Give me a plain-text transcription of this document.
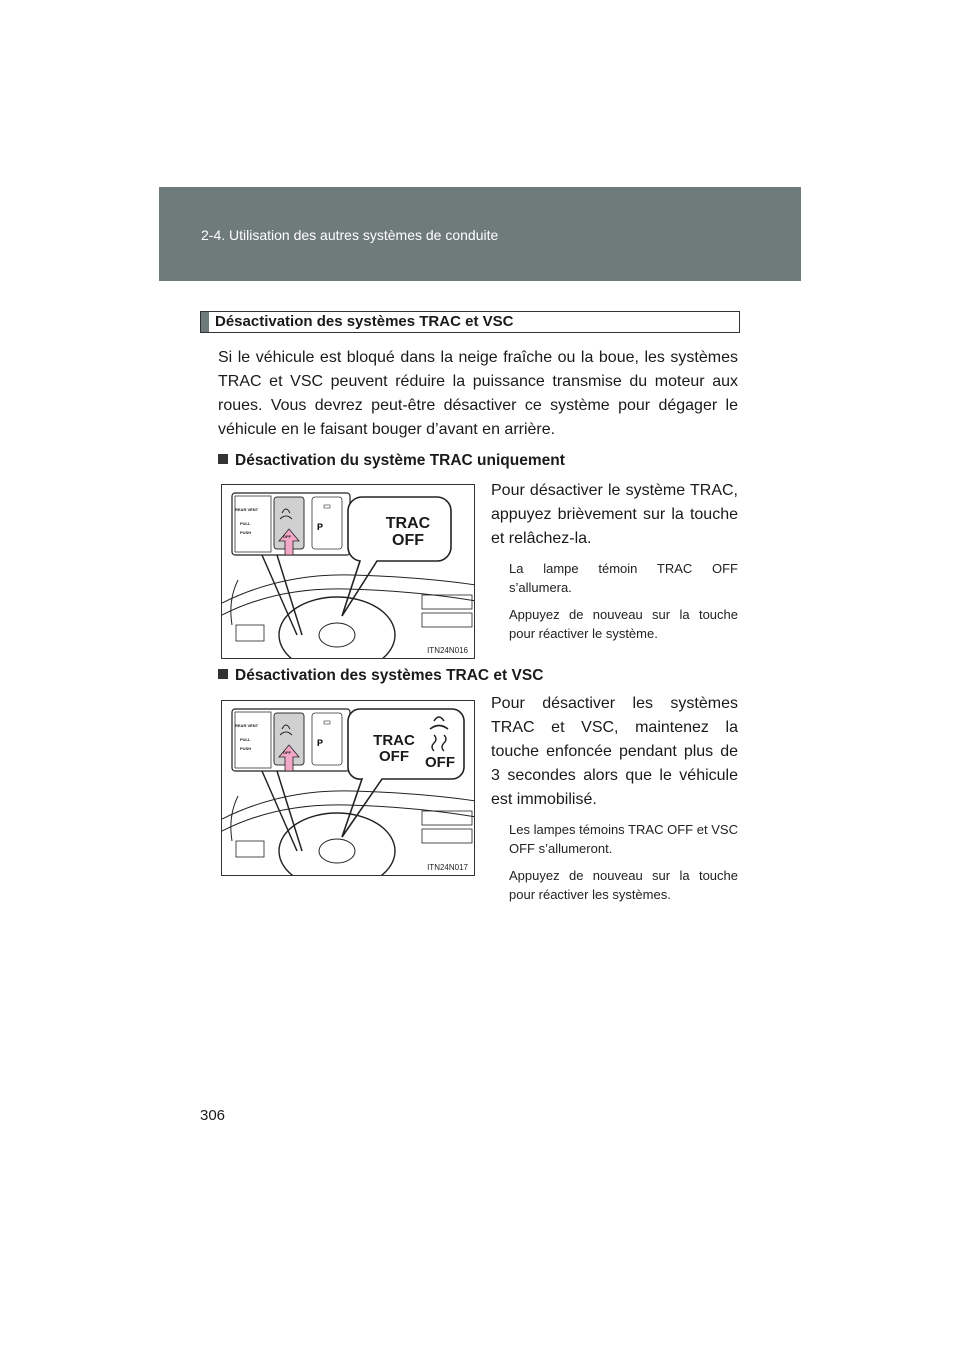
2-4. Utilisation des autres systèmes de conduite
Désactivation des systèmes TRAC et VSC
Si le véhicule est bloqué dans la neige fraîche ou la boue, les systèmes TRAC et VSC peuvent réduire la puissance transmise du moteur aux roues. Vous devrez peut-être désactiver ce système pour dégager le véhicule en le faisant bouger d’avant en arrière.
Désactivation du système TRAC uniquement
P
REAR VENT
PULL
PUSH
OFF
TRAC OFF
ITN24N016
Pour désactiver le système TRAC, appuyez brièvement sur la touche et relâchez-la.
La lampe témoin TRAC OFF s’allumera.
Appuyez de nouveau sur la touche pour réactiver le système.
Désactivation des systèmes TRAC et VSC
P
REAR VENT
PULL
PUSH
OFF
TRAC OFF	OFF
ITN24N017
Pour désactiver les systèmes TRAC et VSC, maintenez la touche enfoncée pendant plus de 3 secondes alors que le véhicule est immobilisé.
Les lampes témoins TRAC OFF et VSC OFF s’allumeront.
Appuyez de nouveau sur la touche pour réactiver les systèmes.
306
